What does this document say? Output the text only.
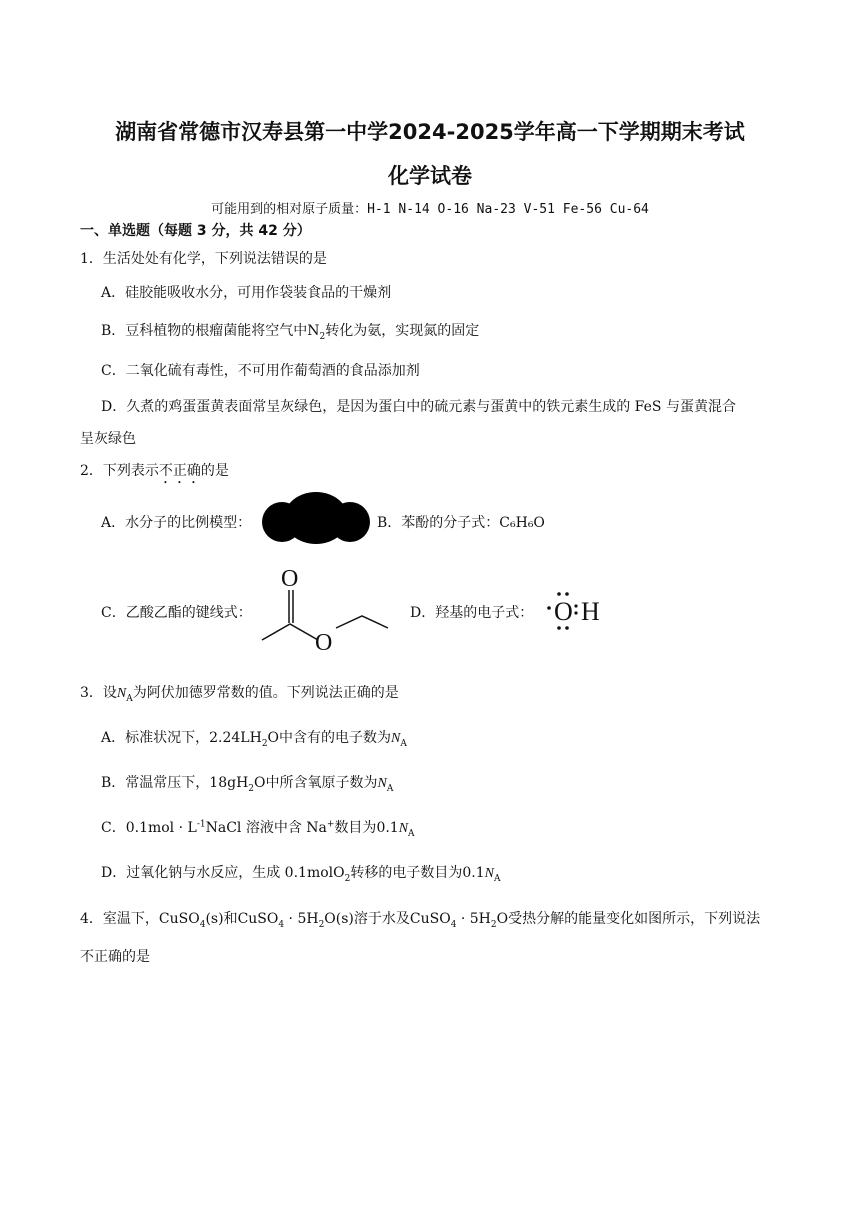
湖南省常德市汉寿县第一中学2024-2025学年高一下学期期末考试
化学试卷
可能用到的相对原子质量：H-1 N-14 O-16 Na-23 V-51 Fe-56 Cu-64
一、单选题（每题 3 分，共 42 分）
1．生活处处有化学，下列说法错误的是
A．硅胶能吸收水分，可用作袋装食品的干燥剂
B．豆科植物的根瘤菌能将空气中$N_2$转化为氨，实现氮的固定
C．二氧化硫有毒性，不可用作葡萄酒的食品添加剂
D．久煮的鸡蛋蛋黄表面常呈灰绿色，是因为蛋白中的硫元素与蛋黄中的铁元素生成的 FeS 与蛋黄混合
呈灰绿色
2．下列表示不正确的是
A．水分子的比例模型：	B．苯酚的分子式：C₆H₆O
C．乙酸乙酯的键线式：
O
O
D．羟基的电子式： O H
3．设$N_A$为阿伏加德罗常数的值。下列说法正确的是
A．标准状况下，$2.24LH_2O$中含有的电子数为$N_A$
B．常温常压下，$18gH_2O$中所含氧原子数为$N_A$
C．$0.1mol \cdot L^{-1}NaCl$ 溶液中含 Na+数目为$0.1N_A$
D．过氧化钠与水反应，生成 0.1molO$_2$转移的电子数目为$0.1N_A$
4．室温下，CuSO$_4$(s)和CuSO$_4$ · $5H_2O(s)$溶于水及CuSO$_4$ · $5H_2O$受热分解的能量变化如图所示，下列说法
不正确的是
